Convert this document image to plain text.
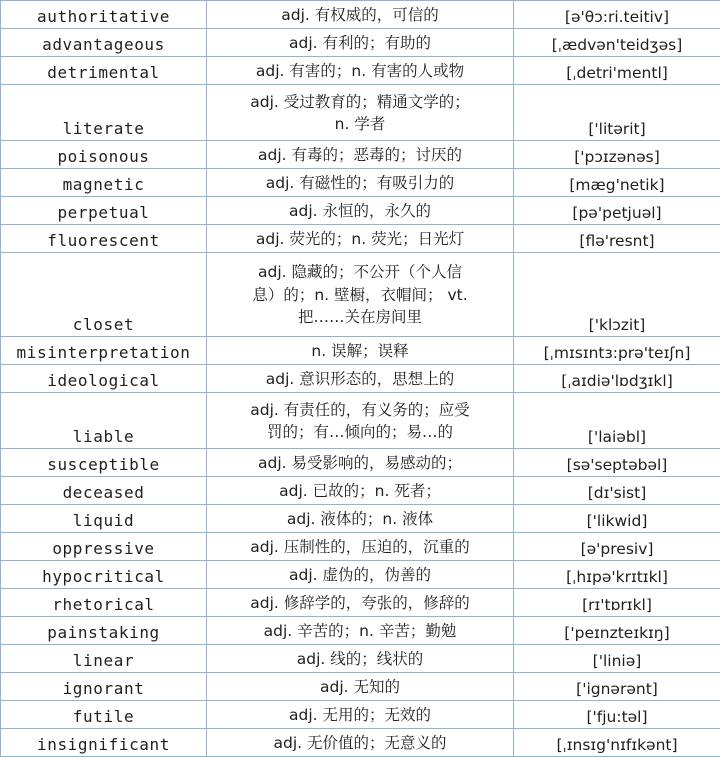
authoritative	adj. 有权威的，可信的	[ə'θɔ:ri.teitiv]
advantageous	adj. 有利的；有助的	[ˌædvən'teidʒəs]
detrimental	adj. 有害的；n. 有害的人或物	[ˌdetri'mentl]
literate	adj. 受过教育的；精通文学的；
n. 学者	['litərit]
poisonous	adj. 有毒的；恶毒的；讨厌的	['pɔɪzənəs]
magnetic	adj. 有磁性的；有吸引力的	[mæg'netik]
perpetual	adj. 永恒的，永久的	[pə'petjuəl]
fluorescent	adj. 荧光的；n. 荧光；日光灯	[flə'resnt]
closet	adj. 隐藏的；不公开（个人信
息）的；n. 壁橱，衣帽间； vt.
把……关在房间里	['klɔzit]
misinterpretation	n. 误解；误释	[ˌmɪsɪntɜ:prə'teɪʃn]
ideological	adj. 意识形态的，思想上的	[ˌaɪdiə'lɒdʒɪkl]
liable	adj. 有责任的，有义务的；应受
罚的；有…倾向的；易…的	['laiəbl]
susceptible	adj. 易受影响的，易感动的；	[sə'septəbəl]
deceased	adj. 已故的；n. 死者；	[dɪ'sist]
liquid	adj. 液体的；n. 液体	['likwid]
oppressive	adj. 压制性的，压迫的，沉重的	[ə'presiv]
hypocritical	adj. 虚伪的，伪善的	[ˌhɪpə'krɪtɪkl]
rhetorical	adj. 修辞学的，夸张的，修辞的	[rɪ'tɒrɪkl]
painstaking	adj. 辛苦的；n. 辛苦；勤勉	['peɪnzteɪkɪŋ]
linear	adj. 线的；线状的	['liniə]
ignorant	adj. 无知的	['ignərənt]
futile	adj. 无用的；无效的	['fju:təl]
insignificant	adj. 无价值的；无意义的	[ˌɪnsɪg'nɪfɪkənt]
